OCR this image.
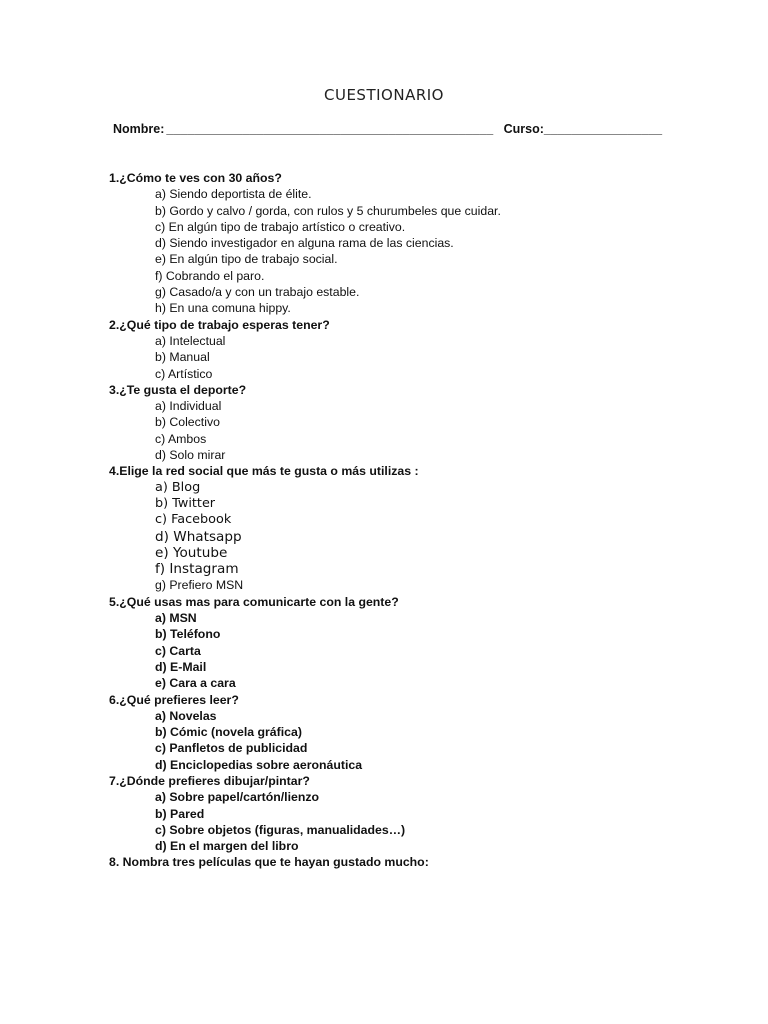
CUESTIONARIO
Nombre: _______________________________________________ Curso:_________________
1.¿Cómo te ves con 30 años?
a) Siendo deportista de élite.
b) Gordo y calvo / gorda, con rulos y 5 churumbeles que cuidar.
c) En algún tipo de trabajo artístico o creativo.
d) Siendo investigador en alguna rama de las ciencias.
e) En algún tipo de trabajo social.
f) Cobrando el paro.
g) Casado/a y con un trabajo estable.
h) En una comuna hippy.
2.¿Qué tipo de trabajo esperas tener?
a) Intelectual
b) Manual
c) Artístico
3.¿Te gusta el deporte?
a) Individual
b) Colectivo
c) Ambos
d) Solo mirar
4.Elige la red social que más te gusta o más utilizas :
a) Blog
b) Twitter
c) Facebook
d) Whatsapp
e) Youtube
f) Instagram
g) Prefiero MSN
5.¿Qué usas mas para comunicarte con la gente?
a) MSN
b) Teléfono
c) Carta
d) E-Mail
e) Cara a cara
6.¿Qué prefieres leer?
a) Novelas
b) Cómic (novela gráfica)
c) Panfletos de publicidad
d) Enciclopedias sobre aeronáutica
7.¿Dónde prefieres dibujar/pintar?
a) Sobre papel/cartón/lienzo
b) Pared
c) Sobre objetos (figuras, manualidades…)
d) En el margen del libro
8. Nombra tres películas que te hayan gustado mucho:
